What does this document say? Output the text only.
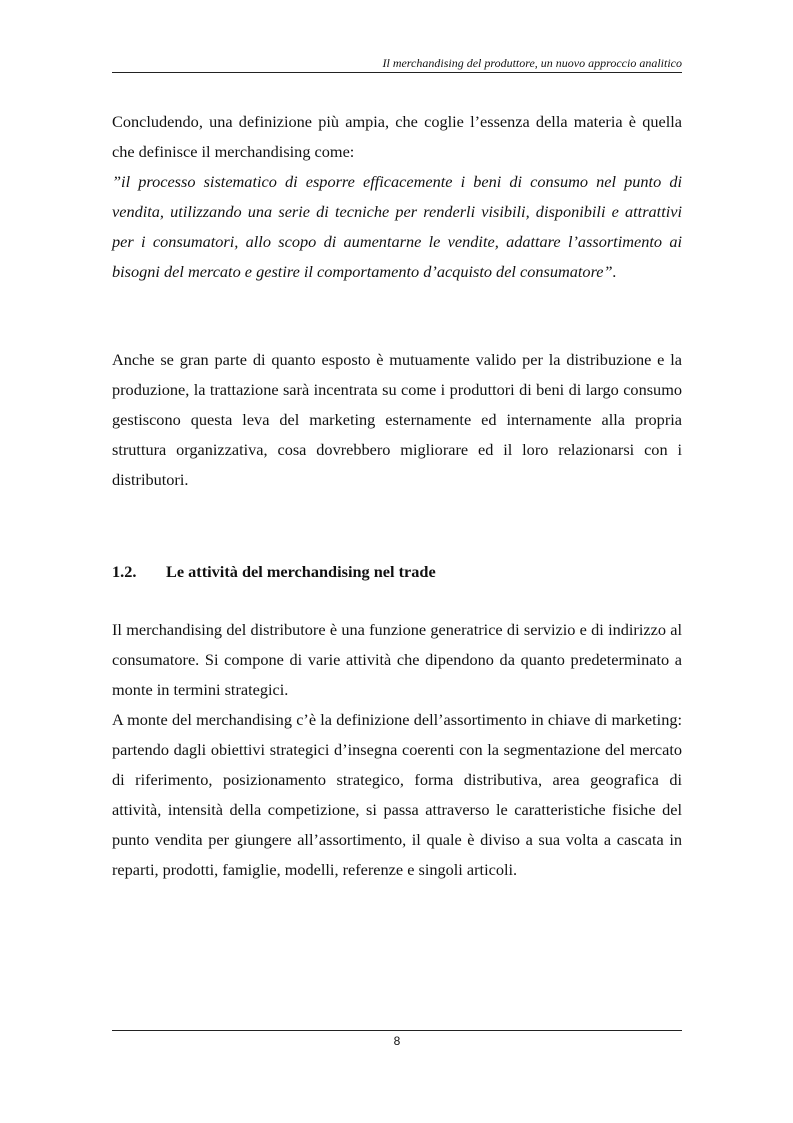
Il merchandising del produttore, un nuovo approccio analitico

Concludendo, una definizione più ampia, che coglie l’essenza della materia è quella che definisce il merchandising come:

”il processo sistematico di esporre efficacemente i beni di consumo nel punto di vendita, utilizzando una serie di tecniche per renderli visibili, disponibili e attrattivi per i consumatori, allo scopo di aumentarne le vendite, adattare l’assortimento ai bisogni del mercato e gestire il comportamento d’acquisto del consumatore”.

Anche se gran parte di quanto esposto è mutuamente valido per la distribuzione e la produzione, la trattazione sarà incentrata su come i produttori di beni di largo consumo gestiscono questa leva del marketing esternamente ed internamente alla propria struttura organizzativa, cosa dovrebbero migliorare ed il loro relazionarsi con i distributori.

1.2. Le attività del merchandising nel trade

Il merchandising del distributore è una funzione generatrice di servizio e di indirizzo al consumatore. Si compone di varie attività che dipendono da quanto predeterminato a monte in termini strategici.

A monte del merchandising c’è la definizione dell’assortimento in chiave di marketing: partendo dagli obiettivi strategici d’insegna coerenti con la segmentazione del mercato di riferimento, posizionamento strategico, forma distributiva, area geografica di attività, intensità della competizione, si passa attraverso le caratteristiche fisiche del punto vendita per giungere all’assortimento, il quale è diviso a sua volta a cascata in reparti, prodotti, famiglie, modelli, referenze e singoli articoli.

8
